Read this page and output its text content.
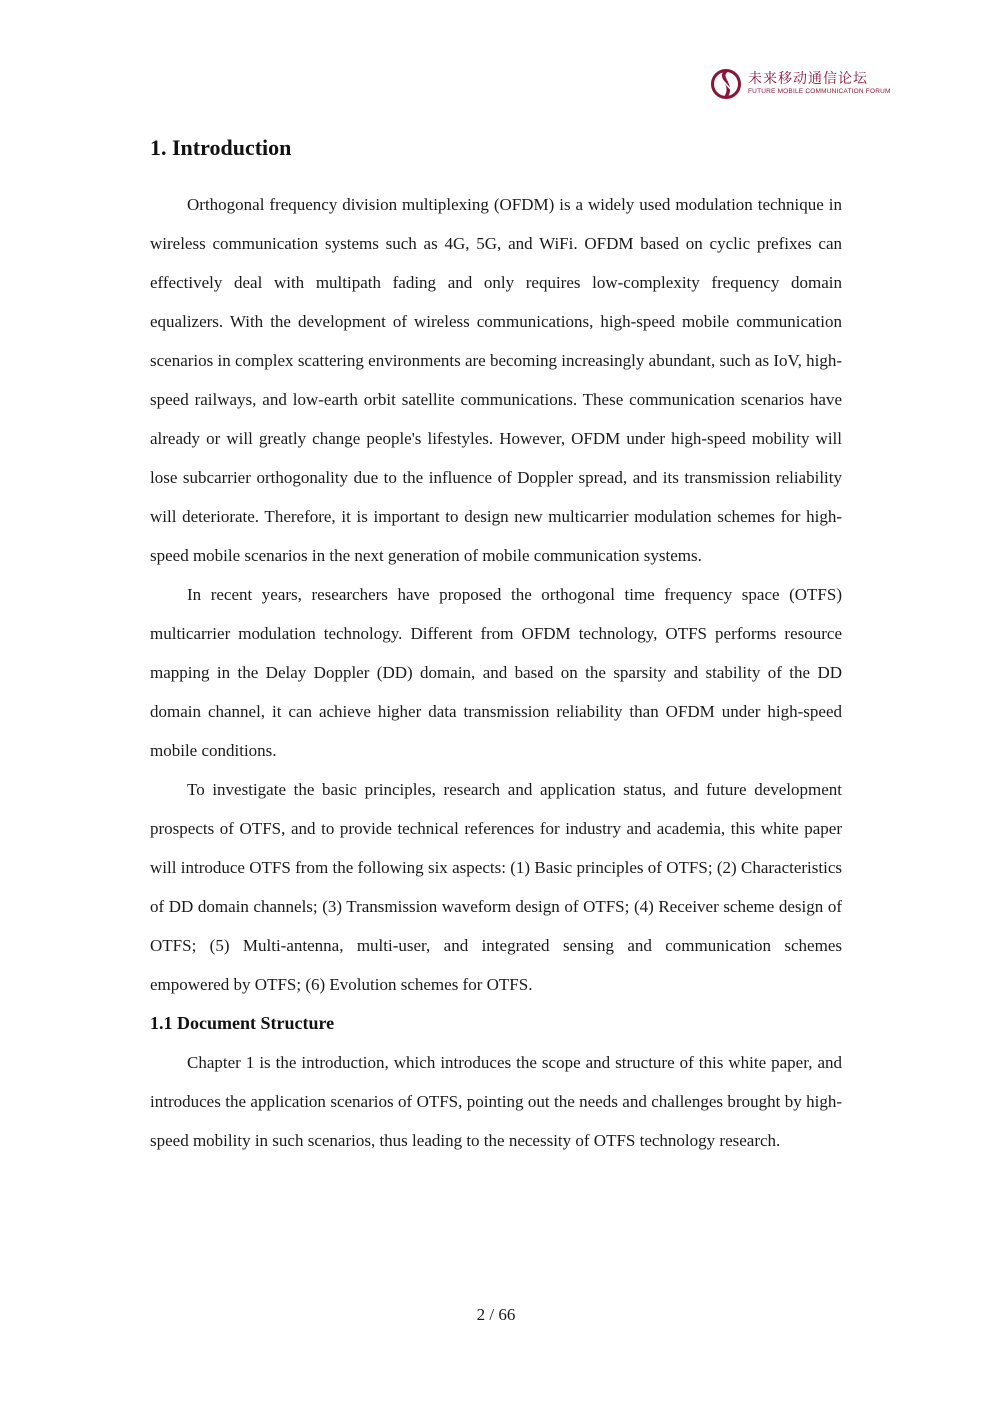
未来移动通信论坛
FUTURE MOBILE COMMUNICATION FORUM
1. Introduction

Orthogonal frequency division multiplexing (OFDM) is a widely used modulation technique in wireless communication systems such as 4G, 5G, and WiFi. OFDM based on cyclic prefixes can effectively deal with multipath fading and only requires low-complexity frequency domain equalizers. With the development of wireless communications, high-speed mobile communication scenarios in complex scattering environments are becoming increasingly abundant, such as IoV, high-speed railways, and low-earth orbit satellite communications. These communication scenarios have already or will greatly change people's lifestyles. However, OFDM under high-speed mobility will lose subcarrier orthogonality due to the influence of Doppler spread, and its transmission reliability will deteriorate. Therefore, it is important to design new multicarrier modulation schemes for high-speed mobile scenarios in the next generation of mobile communication systems.

In recent years, researchers have proposed the orthogonal time frequency space (OTFS) multicarrier modulation technology. Different from OFDM technology, OTFS performs resource mapping in the Delay Doppler (DD) domain, and based on the sparsity and stability of the DD domain channel, it can achieve higher data transmission reliability than OFDM under high-speed mobile conditions.

To investigate the basic principles, research and application status, and future development prospects of OTFS, and to provide technical references for industry and academia, this white paper will introduce OTFS from the following six aspects: (1) Basic principles of OTFS; (2) Characteristics of DD domain channels; (3) Transmission waveform design of OTFS; (4) Receiver scheme design of OTFS; (5) Multi-antenna, multi-user, and integrated sensing and communication schemes empowered by OTFS; (6) Evolution schemes for OTFS.

1.1 Document Structure

Chapter 1 is the introduction, which introduces the scope and structure of this white paper, and introduces the application scenarios of OTFS, pointing out the needs and challenges brought by high-speed mobility in such scenarios, thus leading to the necessity of OTFS technology research.

2 / 66
